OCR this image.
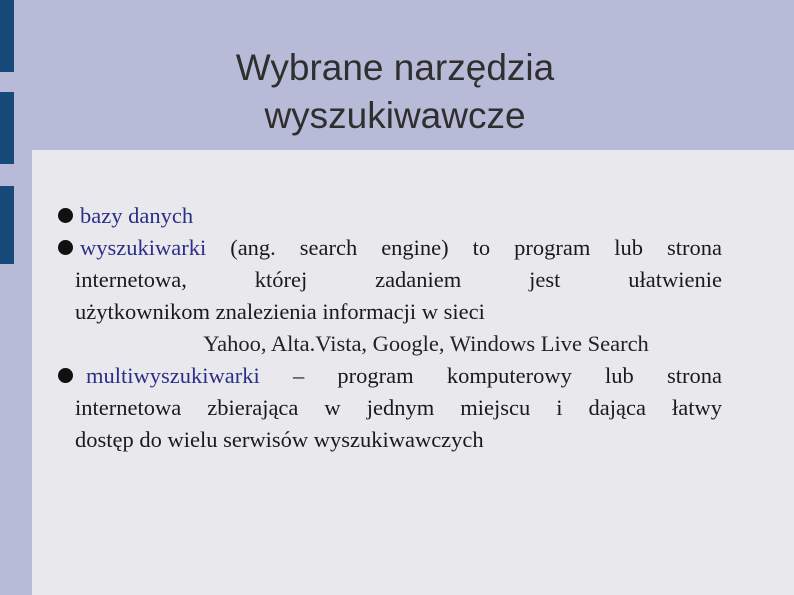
Wybrane narzędzia
wyszukiwawcze
bazy danych
wyszukiwarki (ang. search engine) to program lub strona
internetowa, której zadaniem jest ułatwienie
użytkownikom znalezienia informacji w sieci
Yahoo, Alta.Vista, Google, Windows Live Search
multiwyszukiwarki – program komputerowy lub strona
internetowa zbierająca w jednym miejscu i dająca łatwy
dostęp do wielu serwisów wyszukiwawczych
